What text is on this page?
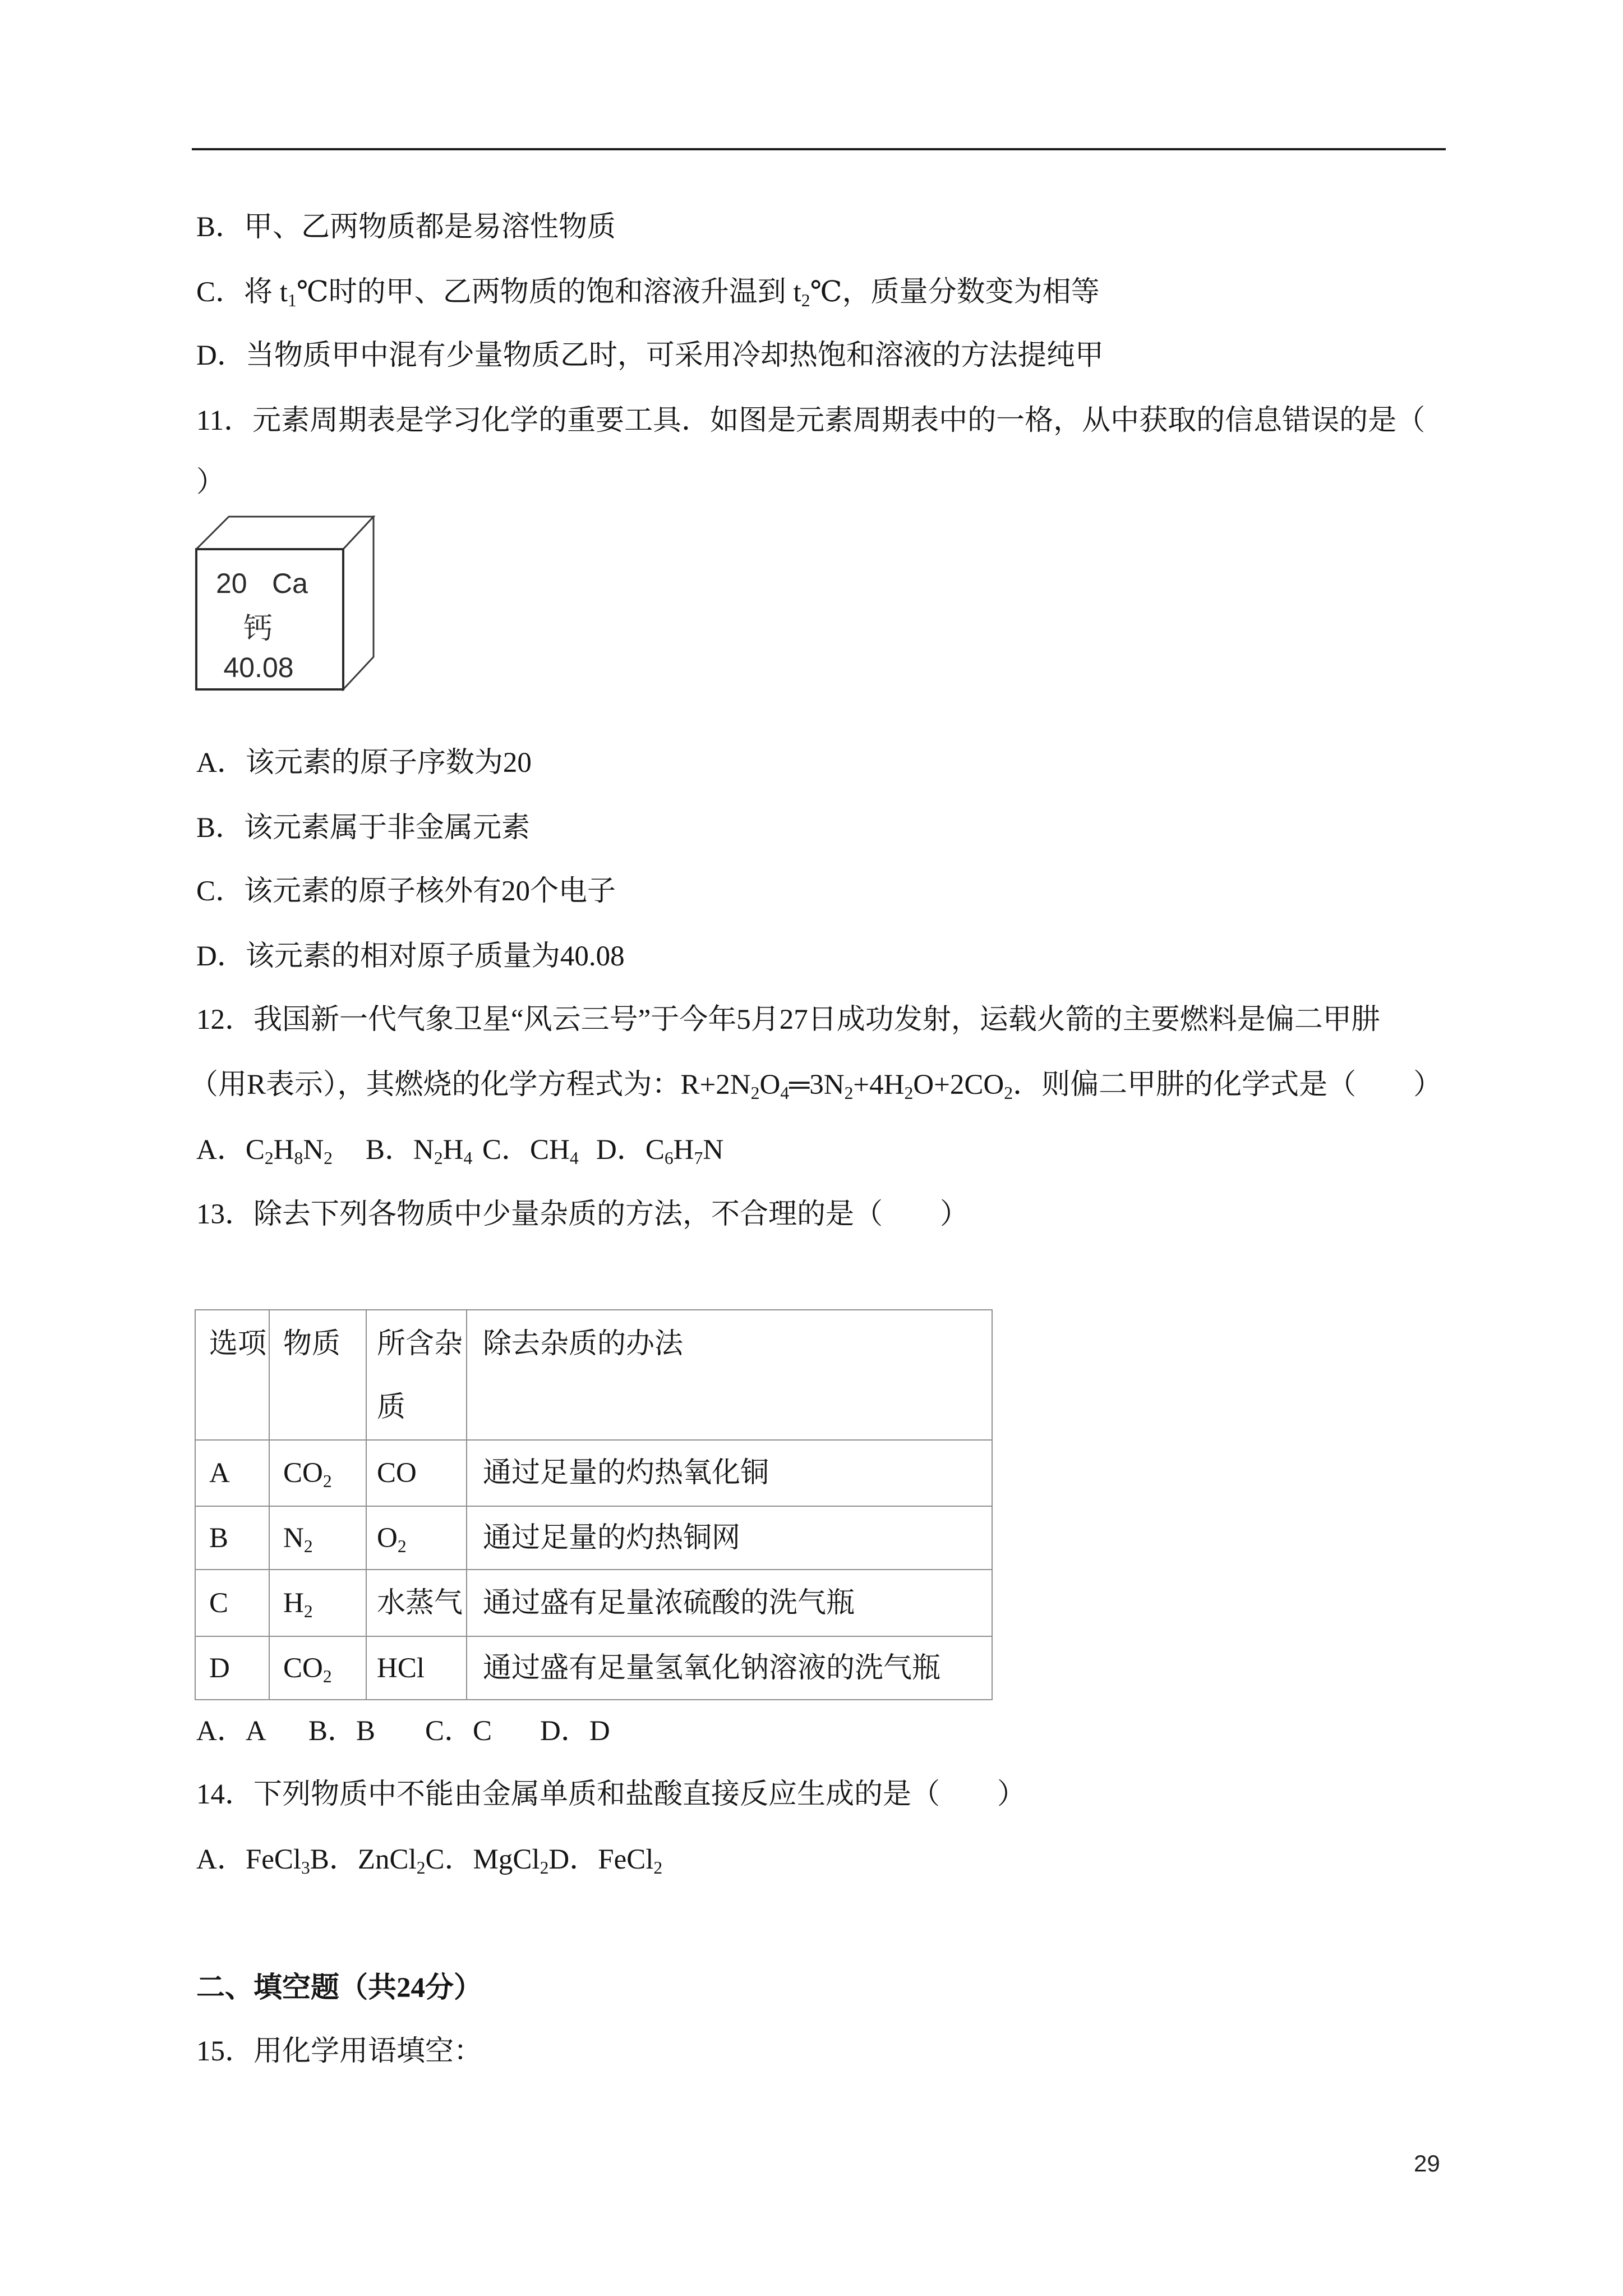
B．甲、乙两物质都是易溶性物质
C．将 $t_1℃$时的甲、乙两物质的饱和溶液升温到 $t_2℃$，质量分数变为相等
D．当物质甲中混有少量物质乙时，可采用冷却热饱和溶液的方法提纯甲
11．元素周期表是学习化学的重要工具．如图是元素周期表中的一格，从中获取的信息错误的是（
）
20 Ca
钙
40.08
A．该元素的原子序数为20
B．该元素属于非金属元素
C．该元素的原子核外有20个电子
D．该元素的相对原子质量为40.08
12．我国新一代气象卫星“风云三号”于今年5月27日成功发射，运载火箭的主要燃料是偏二甲肼
（用R表示），其燃烧的化学方程式为：$R+2N_2O_4═3N_2+4H_2O+2CO_2$．则偏二甲肼的化学式是（　　）
A．$C_2H_8N_2$ B．$N_2H_4$ C．$CH_4$ D．$C_6H_7N$
13．除去下列各物质中少量杂质的方法，不合理的是（　　）
选项	物质	所含杂质	除去杂质的办法
A	$CO_2$	CO	通过足量的灼热氧化铜
B	$N_2$	$O_2$	通过足量的灼热铜网
C	$H_2$	水蒸气	通过盛有足量浓硫酸的洗气瓶
D	$CO_2$	HCl	通过盛有足量氢氧化钠溶液的洗气瓶
A．A B．B C．C D．D
14．下列物质中不能由金属单质和盐酸直接反应生成的是（　　）
A．FeCl$_3$B．ZnCl$_2$C．MgCl$_2$D．FeCl$_2$
二、填空题（共24分）
15．用化学用语填空：
29
